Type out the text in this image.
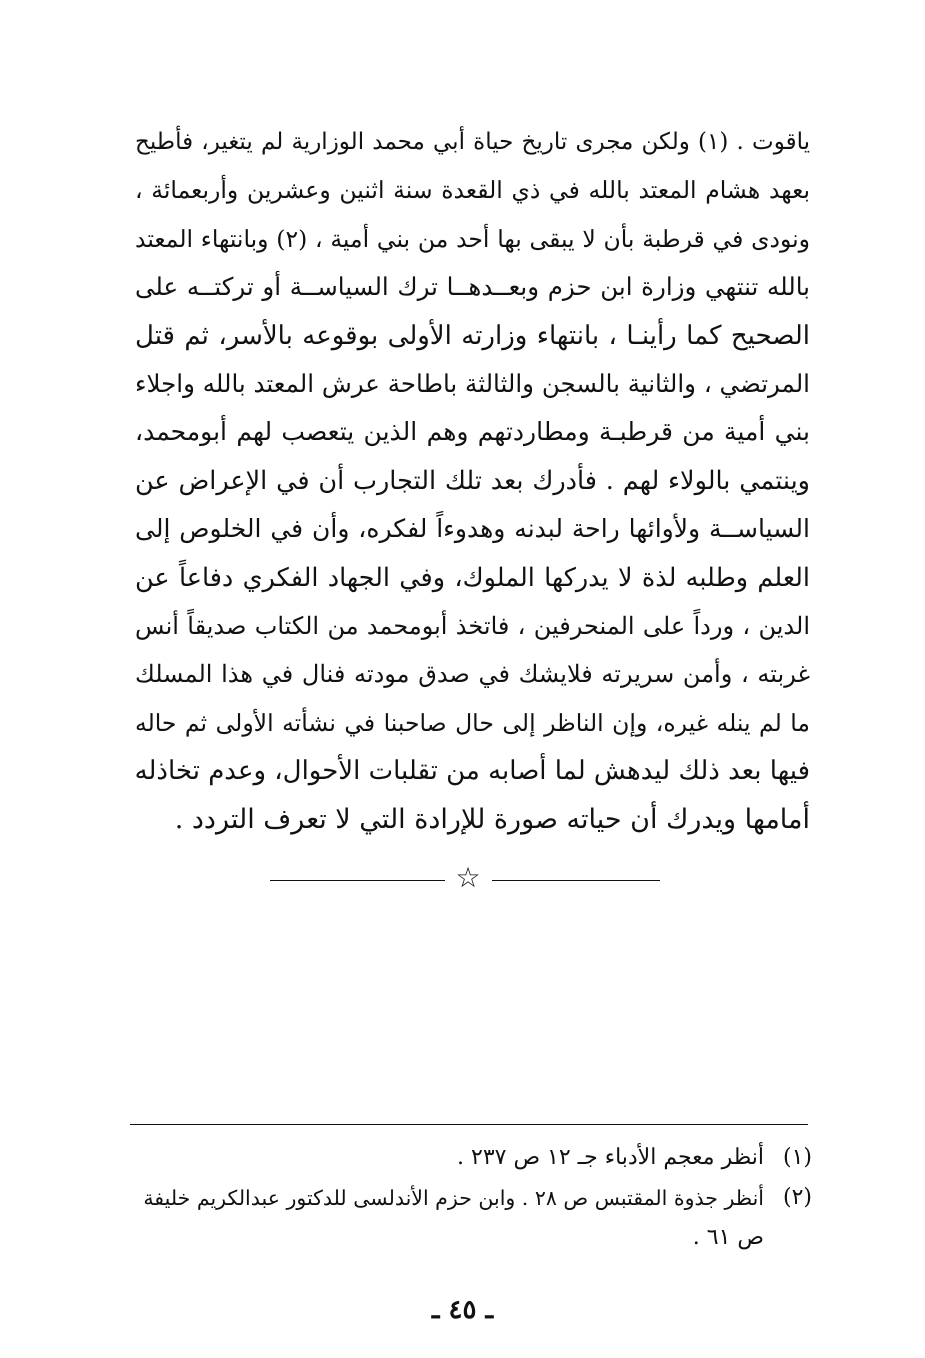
ياقوت . (١) ولكن مجرى تاريخ حياة أبي محمد الوزارية لم يتغير، فأطيح
بعهد هشام المعتد بالله في ذي القعدة سنة اثنين وعشرين وأربعمائة ،
ونودى في قرطبة بأن لا يبقى بها أحد من بني أمية ، (٢) وبانتهاء المعتد
بالله تنتهي وزارة ابن حزم وبعــدهــا ترك السياســة أو تركتــه على
الصحيح كما رأينـا ، بانتهاء وزارته الأولى بوقوعه بالأسر، ثم قتل
المرتضي ، والثانية بالسجن والثالثة باطاحة عرش المعتد بالله واجلاء
بني أمية من قرطبـة ومطاردتهم وهم الذين يتعصب لهم أبومحمد،
وينتمي بالولاء لهم . فأدرك بعد تلك التجارب أن في الإعراض عن
السياســة ولأوائها راحة لبدنه وهدوءاً لفكره، وأن في الخلوص إلى
العلم وطلبه لذة لا يدركها الملوك، وفي الجهاد الفكري دفاعاً عن
الدين ، ورداً على المنحرفين ، فاتخذ أبومحمد من الكتاب صديقاً أنس
غربته ، وأمن سريرته فلايشك في صدق مودته فنال في هذا المسلك
ما لم ينله غيره، وإن الناظر إلى حال صاحبنا في نشأته الأولى ثم حاله
فيها بعد ذلك ليدهش لما أصابه من تقلبات الأحوال، وعدم تخاذله
أمامها ويدرك أن حياته صورة للإرادة التي لا تعرف التردد .
☆
(١)
أنظر معجم الأدباء جـ ١٢ ص ٢٣٧ .
(٢)
أنظر جذوة المقتبس ص ٢٨ . وابن حزم الأندلسى للدكتور عبدالكريم خليفة
ص ٦١ .
ـ ٤٥ ـ
